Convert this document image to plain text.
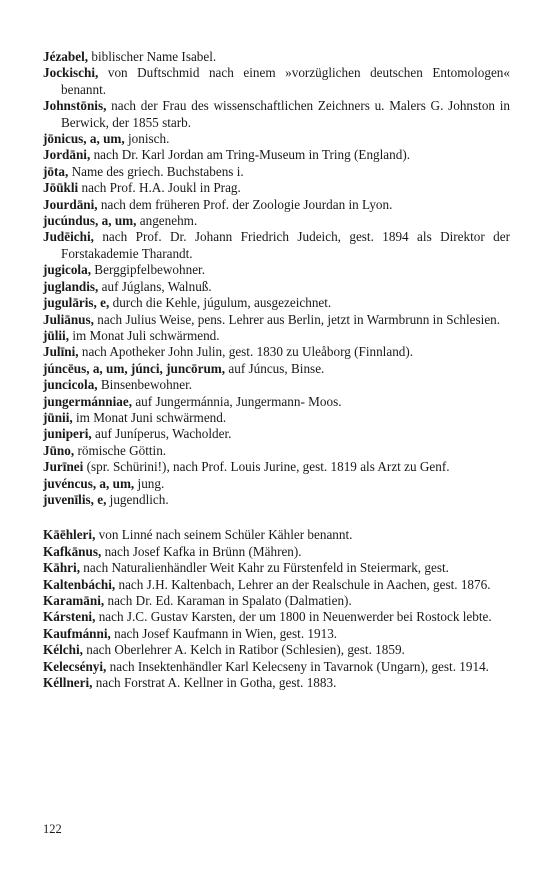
Jézabel, biblischer Name Isabel.
Jockischi, von Duftschmid nach einem »vorzüglichen deutschen Entomologen« benannt.
Johnstōnis, nach der Frau des wissenschaftlichen Zeichners u. Malers G. Johnston in Berwick, der 1855 starb.
jōnicus, a, um, jonisch.
Jordāni, nach Dr. Karl Jordan am Tring-Museum in Tring (England).
jōta, Name des griech. Buchstabens i.
Jōūkli nach Prof. H.A. Joukl in Prag.
Jourdāni, nach dem früheren Prof. der Zoologie Jourdan in Lyon.
jucúndus, a, um, angenehm.
Judēichi, nach Prof. Dr. Johann Friedrich Judeich, gest. 1894 als Direktor der Forstakademie Tharandt.
jugicola, Berggipfelbewohner.
juglandis, auf Júglans, Walnuß.
jugulāris, e, durch die Kehle, júgulum, ausgezeichnet.
Juliānus, nach Julius Weise, pens. Lehrer aus Berlin, jetzt in Warmbrunn in Schlesien.
jūlii, im Monat Juli schwärmend.
Julīni, nach Apotheker John Julin, gest. 1830 zu Uleåborg (Finnland).
júncēus, a, um, júnci, juncōrum, auf Júncus, Binse.
juncicola, Binsenbewohner.
jungermánniae, auf Jungermánnia, Jungermann- Moos.
jūnii, im Monat Juni schwärmend.
juniperi, auf Juníperus, Wacholder.
Jūno, römische Göttin.
Jurīnei (spr. Schürini!), nach Prof. Louis Jurine, gest. 1819 als Arzt zu Genf.
juvéncus, a, um, jung.
juvenīlis, e, jugendlich.
Kāēhleri, von Linné nach seinem Schüler Kähler benannt.
Kafkānus, nach Josef Kafka in Brünn (Mähren).
Kāhri, nach Naturalienhändler Weit Kahr zu Fürstenfeld in Steiermark, gest.
Kaltenbáchi, nach J.H. Kaltenbach, Lehrer an der Realschule in Aachen, gest. 1876.
Karamāni, nach Dr. Ed. Karaman in Spalato (Dalmatien).
Kársteni, nach J.C. Gustav Karsten, der um 1800 in Neuenwerder bei Rostock lebte.
Kaufmánni, nach Josef Kaufmann in Wien, gest. 1913.
Kélchi, nach Oberlehrer A. Kelch in Ratibor (Schlesien), gest. 1859.
Kelecsényi, nach Insektenhändler Karl Kelecseny in Tavarnok (Ungarn), gest. 1914.
Kéllneri, nach Forstrat A. Kellner in Gotha, gest. 1883.
122
